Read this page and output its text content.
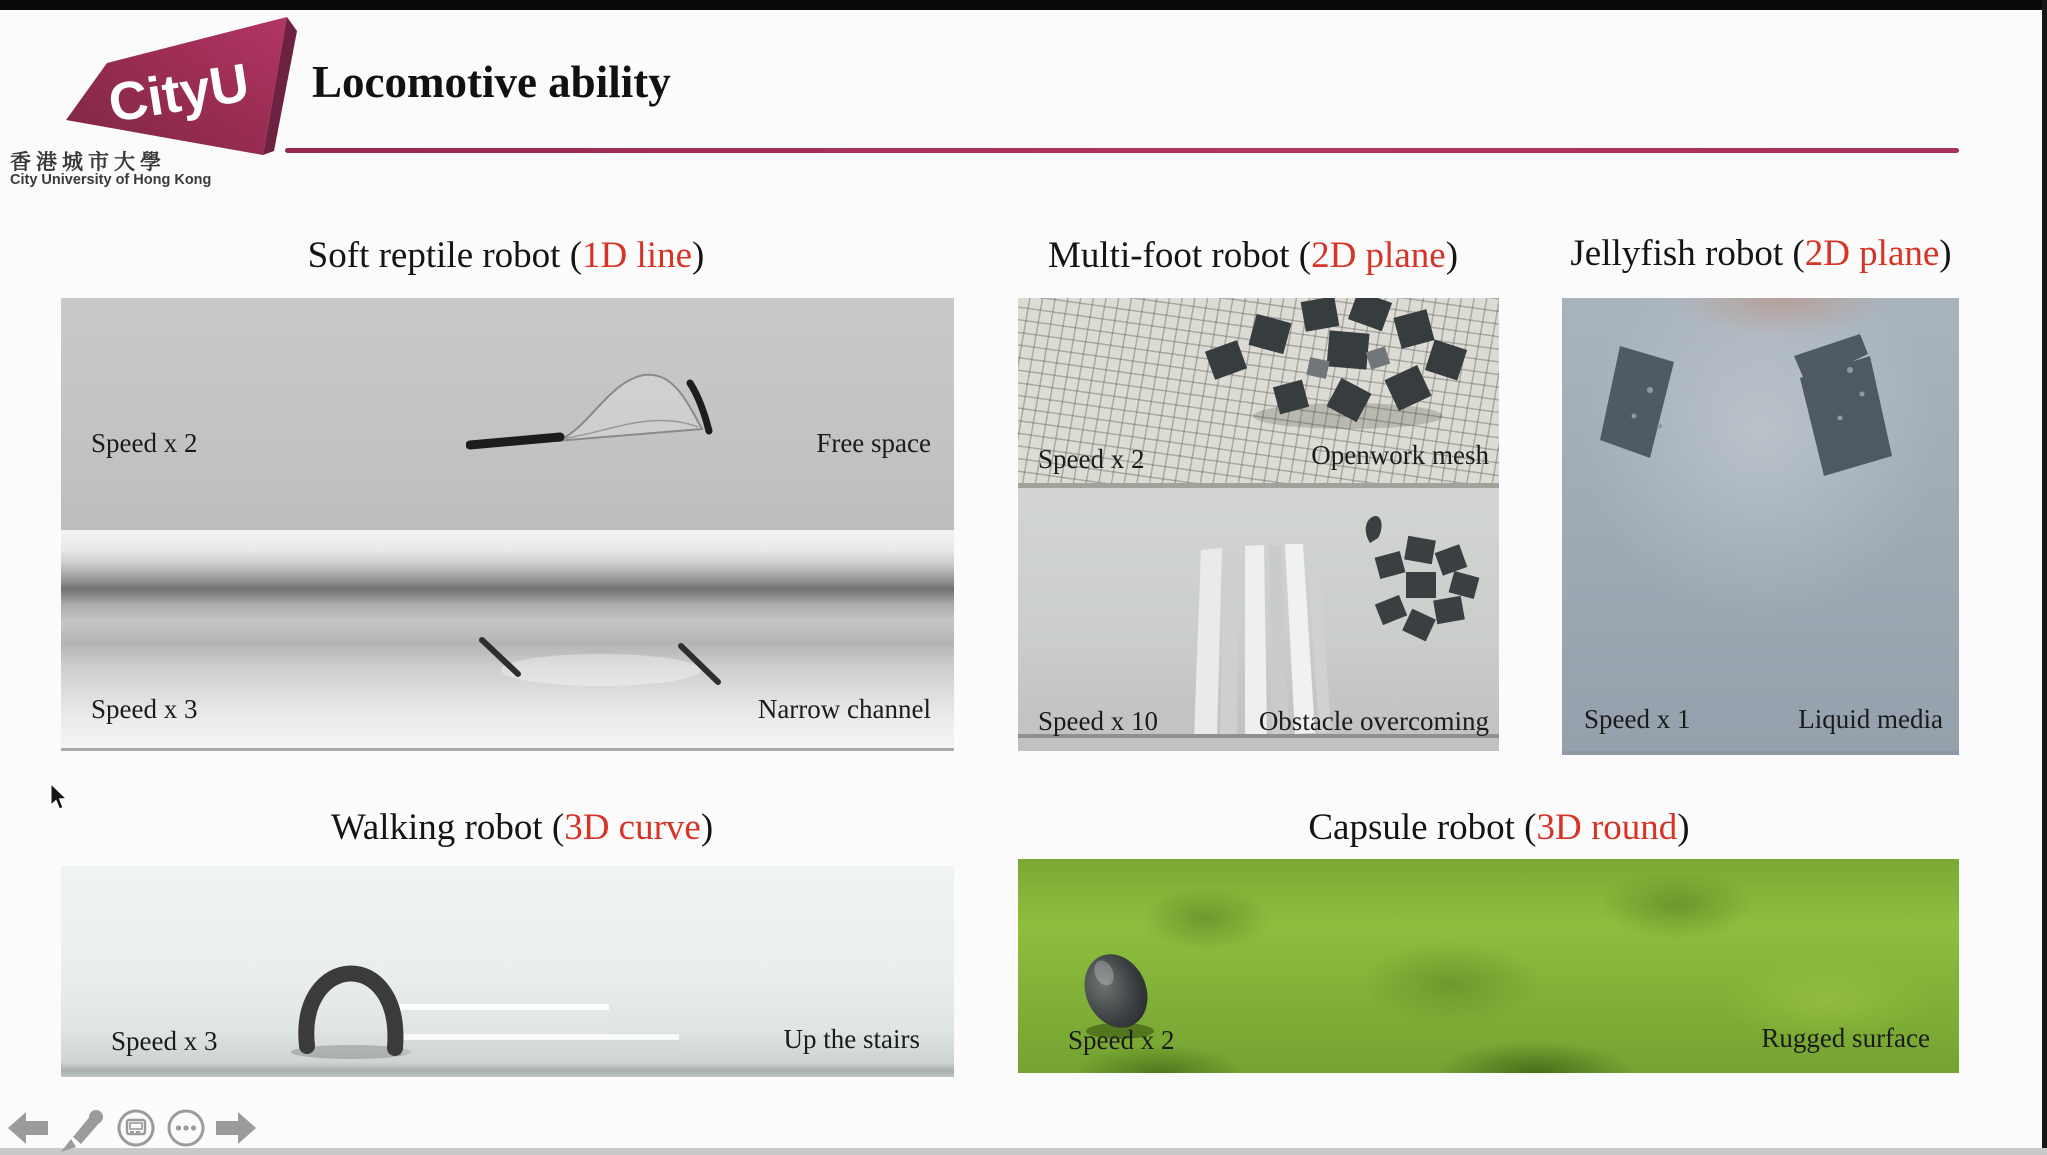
CityU
香港城市大學
City University of Hong Kong
Locomotive ability
Soft reptile robot (1D line)	Multi-foot robot (2D plane)	Jellyfish robot (2D plane)
Walking robot (3D curve)	Capsule robot (3D round)
Speed x 2	Free space
Speed x 3	Narrow channel
Speed x 2	Openwork mesh
Speed x 10	Obstacle overcoming	Speed x 1	Liquid media
Speed x 3	Up the stairs	Speed x 2	Rugged surface
